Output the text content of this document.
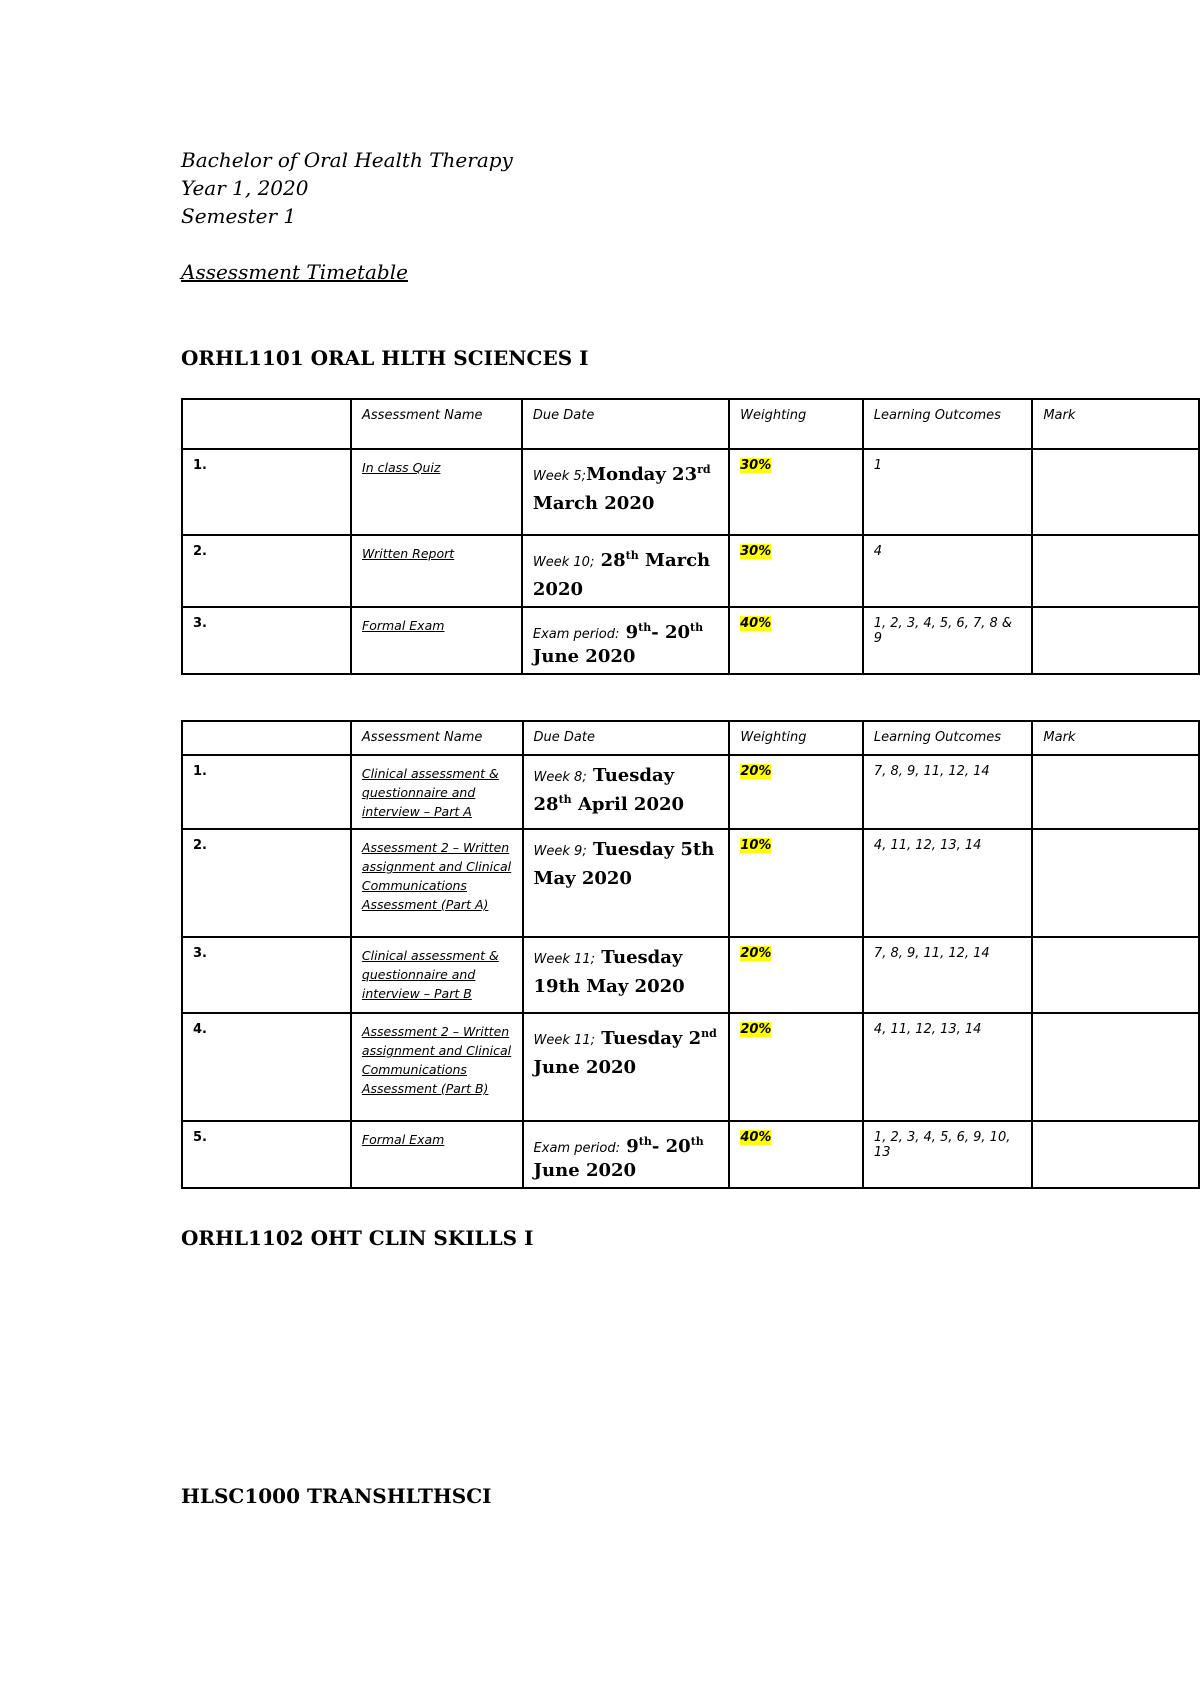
Bachelor of Oral Health Therapy
Year 1, 2020
Semester 1
Assessment Timetable
ORHL1101 ORAL HLTH SCIENCES I
	Assessment Name	Due Date	Weighting	Learning Outcomes	Mark
1.	In class Quiz	Week 5;Monday 23rd March 2020	30%	1	
2.	Written Report	Week 10; 28th March 2020	30%	4	
3.	Formal Exam	Exam period: 9th- 20th June 2020	40%	1, 2, 3, 4, 5, 6, 7, 8 & 9	
	Assessment Name	Due Date	Weighting	Learning Outcomes	Mark
1.	Clinical assessment & questionnaire and interview – Part A	Week 8; Tuesday 28th April 2020	20%	7, 8, 9, 11, 12, 14	
2.	Assessment 2 – Written assignment and Clinical Communications Assessment (Part A)	Week 9; Tuesday 5th May 2020	10%	4, 11, 12, 13, 14	
3.	Clinical assessment & questionnaire and interview – Part B	Week 11; Tuesday 19th May 2020	20%	7, 8, 9, 11, 12, 14	
4.	Assessment 2 – Written assignment and Clinical Communications Assessment (Part B)	Week 11; Tuesday 2nd June 2020	20%	4, 11, 12, 13, 14	
5.	Formal Exam	Exam period: 9th- 20th June 2020	40%	1, 2, 3, 4, 5, 6, 9, 10, 13	
ORHL1102 OHT CLIN SKILLS I
HLSC1000 TRANSHLTHSCI
